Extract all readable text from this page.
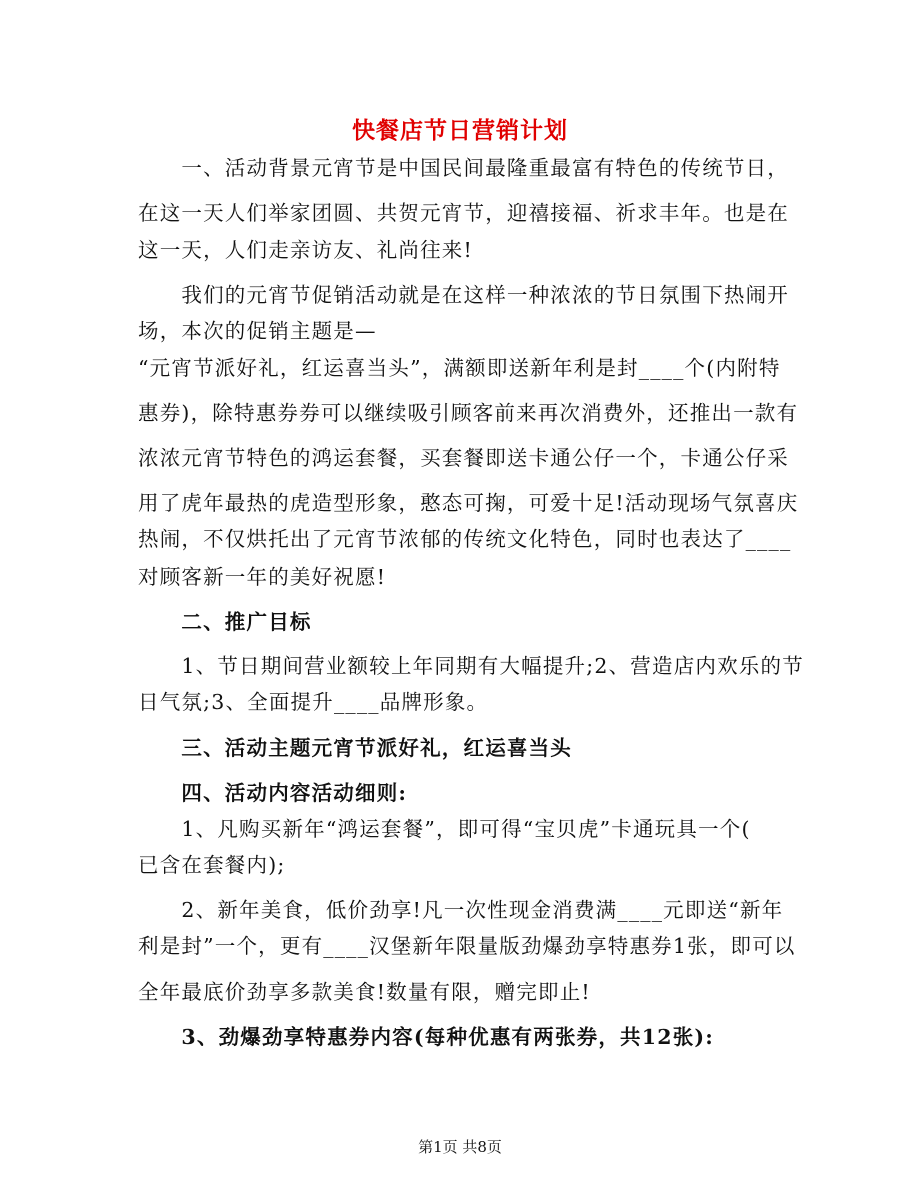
快餐店节日营销计划
　　一、活动背景元宵节是中国民间最隆重最富有特色的传统节日，
在这一天人们举家团圆、共贺元宵节，迎禧接福、祈求丰年。也是在
这一天，人们走亲访友、礼尚往来!
　　我们的元宵节促销活动就是在这样一种浓浓的节日氛围下热闹开
场，本次的促销主题是—
“元宵节派好礼，红运喜当头”，满额即送新年利是封____个(内附特
惠券)，除特惠券券可以继续吸引顾客前来再次消费外，还推出一款有
浓浓元宵节特色的鸿运套餐，买套餐即送卡通公仔一个，卡通公仔采
用了虎年最热的虎造型形象，憨态可掬，可爱十足!活动现场气氛喜庆
热闹，不仅烘托出了元宵节浓郁的传统文化特色，同时也表达了____
对顾客新一年的美好祝愿!
　　二、推广目标
　　1、节日期间营业额较上年同期有大幅提升;2、营造店内欢乐的节
日气氛;3、全面提升____品牌形象。
　　三、活动主题元宵节派好礼，红运喜当头
　　四、活动内容活动细则:
　　1、凡购买新年“鸿运套餐”，即可得“宝贝虎”卡通玩具一个(
已含在套餐内);
　　2、新年美食，低价劲享!凡一次性现金消费满____元即送“新年
利是封”一个，更有____汉堡新年限量版劲爆劲享特惠券1张，即可以
全年最底价劲享多款美食!数量有限，赠完即止!
　　3、劲爆劲享特惠券内容(每种优惠有两张券，共12张):
第1页 共8页
